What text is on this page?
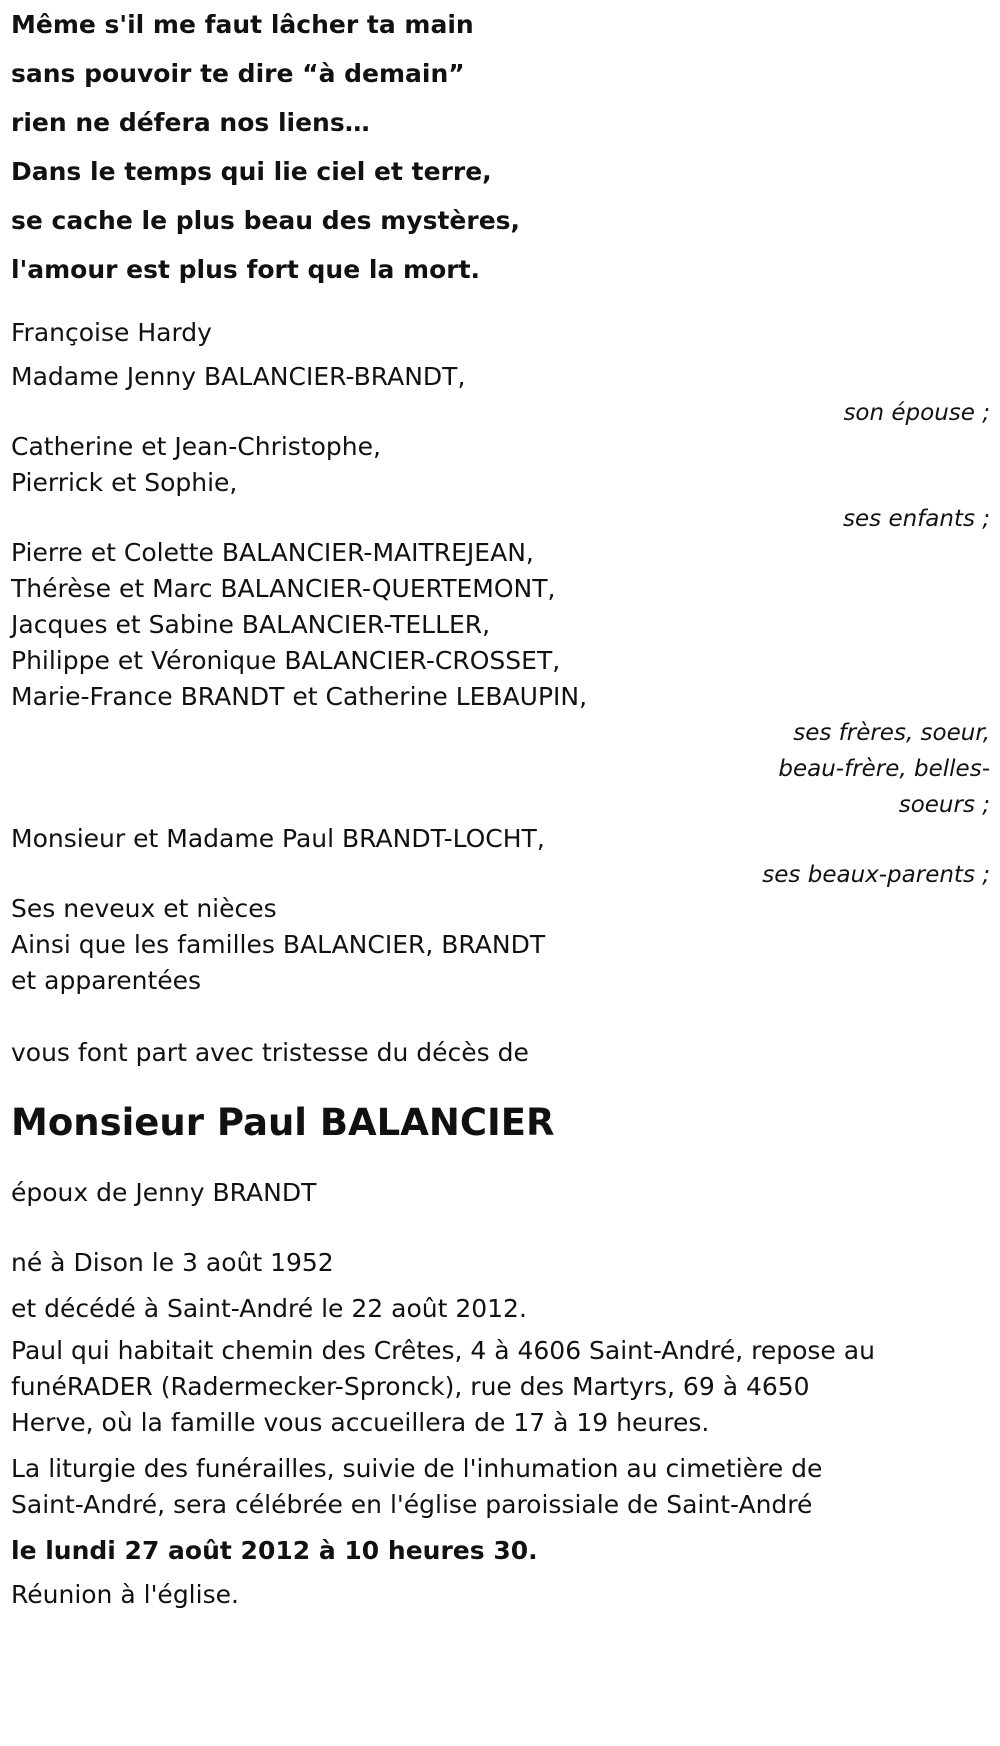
Même s'il me faut lâcher ta main
sans pouvoir te dire “à demain”
rien ne défera nos liens…
Dans le temps qui lie ciel et terre,
se cache le plus beau des mystères,
l'amour est plus fort que la mort.
Françoise Hardy
Madame Jenny BALANCIER-BRANDT,
son épouse ;
Catherine et Jean-Christophe,
Pierrick et Sophie,
ses enfants ;
Pierre et Colette BALANCIER-MAITREJEAN,
Thérèse et Marc BALANCIER-QUERTEMONT,
Jacques et Sabine BALANCIER-TELLER,
Philippe et Véronique BALANCIER-CROSSET,
Marie-France BRANDT et Catherine LEBAUPIN,
ses frères, soeur,
beau-frère, belles-
soeurs ;
Monsieur et Madame Paul BRANDT-LOCHT,
ses beaux-parents ;
Ses neveux et nièces
Ainsi que les familles BALANCIER, BRANDT
et apparentées
vous font part avec tristesse du décès de
Monsieur Paul BALANCIER
époux de Jenny BRANDT
né à Dison le 3 août 1952
et décédé à Saint-André le 22 août 2012.
Paul qui habitait chemin des Crêtes, 4 à 4606 Saint-André, repose au funéRADER (Radermecker-Spronck), rue des Martyrs, 69 à 4650 Herve, où la famille vous accueillera de 17 à 19 heures.
La liturgie des funérailles, suivie de l'inhumation au cimetière de Saint-André, sera célébrée en l'église paroissiale de Saint-André
le lundi 27 août 2012 à 10 heures 30.
Réunion à l'église.
